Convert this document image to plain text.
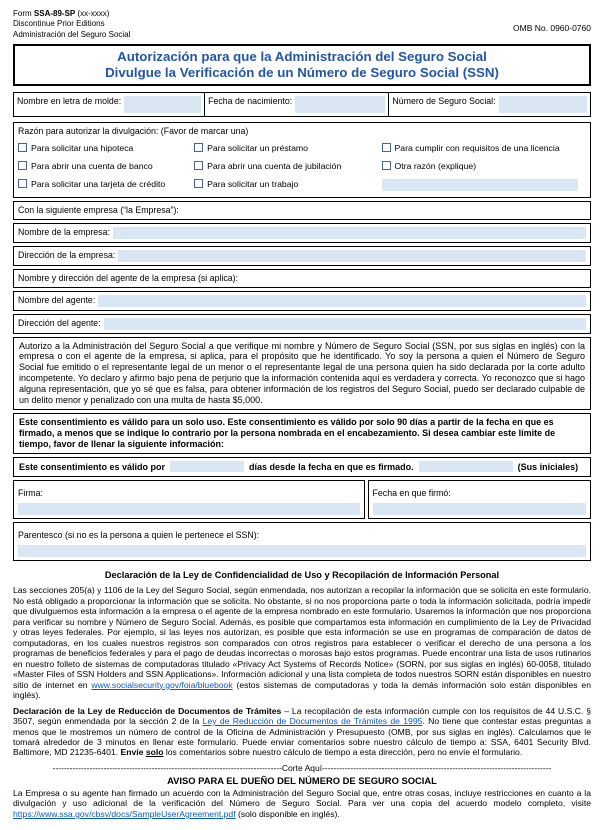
Form SSA-89-SP (xx-xxxx)
Discontinue Prior Editions
Administración del Seguro Social
OMB No. 0960-0760
Autorización para que la Administración del Seguro Social
Divulgue la Verificación de un Número de Seguro Social (SSN)
Nombre en letra de molde:	Fecha de nacimiento:	Número de Seguro Social:
Razón para autorizar la divulgación: (Favor de marcar una)
Para solicitar una hipoteca	Para solicitar un préstamo	Para cumplir con requisitos de una licencia
Para abrir una cuenta de banco	Para abrir una cuenta de jubilación	Otra razón (explique)
Para solicitar una tarjeta de crédito	Para solicitar un trabajo
Con la siguiente empresa (“la Empresa”):
Nombre de la empresa:
Dirección de la empresa:
Nombre y dirección del agente de la empresa (si aplica):
Nombre del agente:
Dirección del agente:
Autorizo a la Administración del Seguro Social a que verifique mi nombre y Número de Seguro Social (SSN, por sus siglas en inglés) con la empresa o con el agente de la empresa, si aplica, para el propósito que he identificado. Yo soy la persona a quien el Número de Seguro Social fue emitido o el representante legal de un menor o el representante legal de una persona quien ha sido declarada por la corte adulto incompetente. Yo declaro y afirmo bajo pena de perjurio que la información contenida aquí es verdadera y correcta. Yo reconozco que si hago alguna representación, que yo sé que es falsa, para obtener información de los registros del Seguro Social, puedo ser declarado culpable de un delito menor y penalizado con una multa de hasta $5,000.
Este consentimiento es válido para un solo uso. Este consentimiento es válido por solo 90 días a partir de la fecha en que es firmado, a menos que se indique lo contrario por la persona nombrada en el encabezamiento. Si desea cambiar este límite de tiempo, favor de llenar la siguiente información:
Este consentimiento es válido por	días desde la fecha en que es firmado.	(Sus iniciales)
Firma:	Fecha en que firmó:
Parentesco (si no es la persona a quien le pertenece el SSN):
Declaración de la Ley de Confidencialidad de Uso y Recopilación de Información Personal
Las secciones 205(a) y 1106 de la Ley del Seguro Social, según enmendada, nos autorizan a recopilar la información que se solicita en este formulario. No está obligado a proporcionar la información que se solicita. No obstante, si no nos proporciona parte o toda la información solicitada, podría impedir que divulguemos esta información a la empresa o el agente de la empresa nombrado en este formulario. Usaremos la información que nos proporciona para verificar su nombre y Número de Seguro Social. Además, es posible que compartamos esta información en cumplimiento de la Ley de Privacidad y otras leyes federales. Por ejemplo, si las leyes nos autorizan, es posible que esta información se use en programas de comparación de datos de computadoras, en los cuales nuestros registros son comparados con otros registros para establecer o verificar el derecho de una persona a los programas de beneficios federales y para el pago de deudas incorrectas o morosas bajo estos programas. Puede encontrar una lista de usos rutinarios en nuestro folleto de sistemas de computadoras titulado «Privacy Act Systems of Records Notice» (SORN, por sus siglas en inglés) 60-0058, titulado «Master Files of SSN Holders and SSN Applications». Información adicional y una lista completa de todos nuestros SORN están disponibles en nuestro sitio de internet en www.socialsecurity.gov/foia/bluebook (estos sistemas de computadoras y toda la demás información solo están disponibles en inglés).
Declaración de la Ley de Reducción de Documentos de Trámites – La recopilación de esta información cumple con los requisitos de 44 U.S.C. § 3507, según enmendada por la sección 2 de la Ley de Reducción de Documentos de Trámites de 1995. No tiene que contestar estas preguntas a menos que le mostremos un número de control de la Oficina de Administración y Presupuesto (OMB, por sus siglas en inglés). Calculamos que le tomará alrededor de 3 minutos en llenar este formulario. Puede enviar comentarios sobre nuestro cálculo de tiempo a: SSA, 6401 Security Blvd. Baltimore, MD 21235-6401. Envíe solo los comentarios sobre nuestro cálculo de tiempo a esta dirección, pero no envíe el formulario.
---------------------------------------------------------------------------------Corte Aquí---------------------------------------------------------------------------------
AVISO PARA EL DUEÑO DEL NÚMERO DE SEGURO SOCIAL
La Empresa o su agente han firmado un acuerdo con la Administración del Seguro Social que, entre otras cosas, incluye restricciones en cuanto a la divulgación y uso adicional de la verificación del Número de Seguro Social. Para ver una copia del acuerdo modelo completo, visite https://www.ssa.gov/cbsv/docs/SampleUserAgreement.pdf (solo disponible en inglés).
